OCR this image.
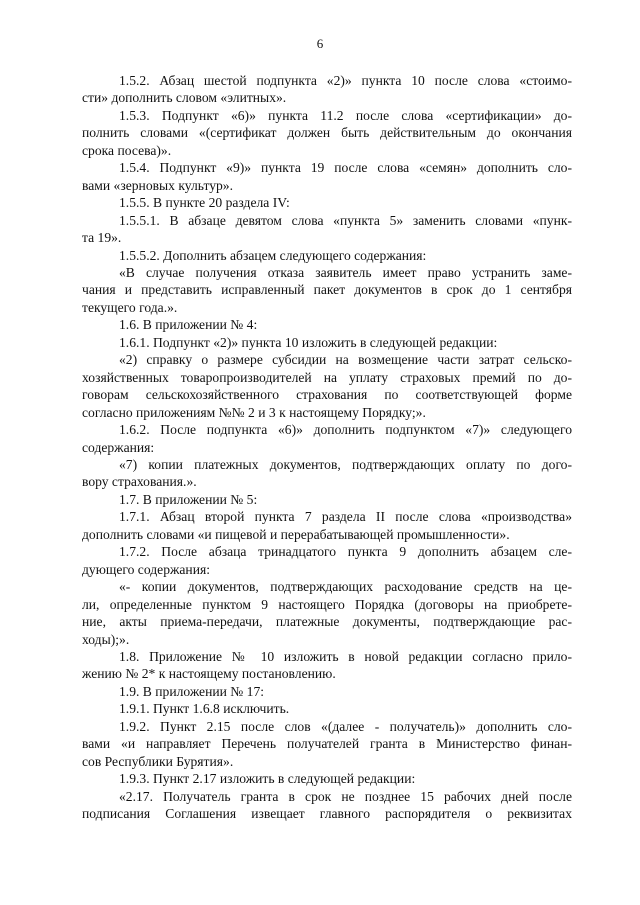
6
1.5.2. Абзац шестой подпункта «2)» пункта 10 после слова «стоимо-
сти» дополнить словом «элитных».
1.5.3. Подпункт «6)» пункта 11.2 после слова «сертификации» до-
полнить словами «(сертификат должен быть действительным до окончания
срока посева)».
1.5.4. Подпункт «9)» пункта 19 после слова «семян» дополнить сло-
вами «зерновых культур».
1.5.5. В пункте 20 раздела IV:
1.5.5.1. В абзаце девятом слова «пункта 5» заменить словами «пунк-
та 19».
1.5.5.2. Дополнить абзацем следующего содержания:
«В случае получения отказа заявитель имеет право устранить заме-
чания и представить исправленный пакет документов в срок до 1 сентября
текущего года.».
1.6. В приложении № 4:
1.6.1. Подпункт «2)» пункта 10 изложить в следующей редакции:
«2) справку о размере субсидии на возмещение части затрат сельско-
хозяйственных товаропроизводителей на уплату страховых премий по до-
говорам сельскохозяйственного страхования по соответствующей форме
согласно приложениям №№ 2 и 3 к настоящему Порядку;».
1.6.2. После подпункта «6)» дополнить подпунктом «7)» следующего
содержания:
«7) копии платежных документов, подтверждающих оплату по дого-
вору страхования.».
1.7. В приложении № 5:
1.7.1. Абзац второй пункта 7 раздела II после слова «производства»
дополнить словами «и пищевой и перерабатывающей промышленности».
1.7.2. После абзаца тринадцатого пункта 9 дополнить абзацем сле-
дующего содержания:
«- копии документов, подтверждающих расходование средств на це-
ли, определенные пунктом 9 настоящего Порядка (договоры на приобрете-
ние, акты приема-передачи, платежные документы, подтверждающие рас-
ходы);».
1.8. Приложение № 10 изложить в новой редакции согласно прило-
жению № 2* к настоящему постановлению.
1.9. В приложении № 17:
1.9.1. Пункт 1.6.8 исключить.
1.9.2. Пункт 2.15 после слов «(далее - получатель)» дополнить сло-
вами «и направляет Перечень получателей гранта в Министерство финан-
сов Республики Бурятия».
1.9.3. Пункт 2.17 изложить в следующей редакции:
«2.17. Получатель гранта в срок не позднее 15 рабочих дней после
подписания Соглашения извещает главного распорядителя о реквизитах
